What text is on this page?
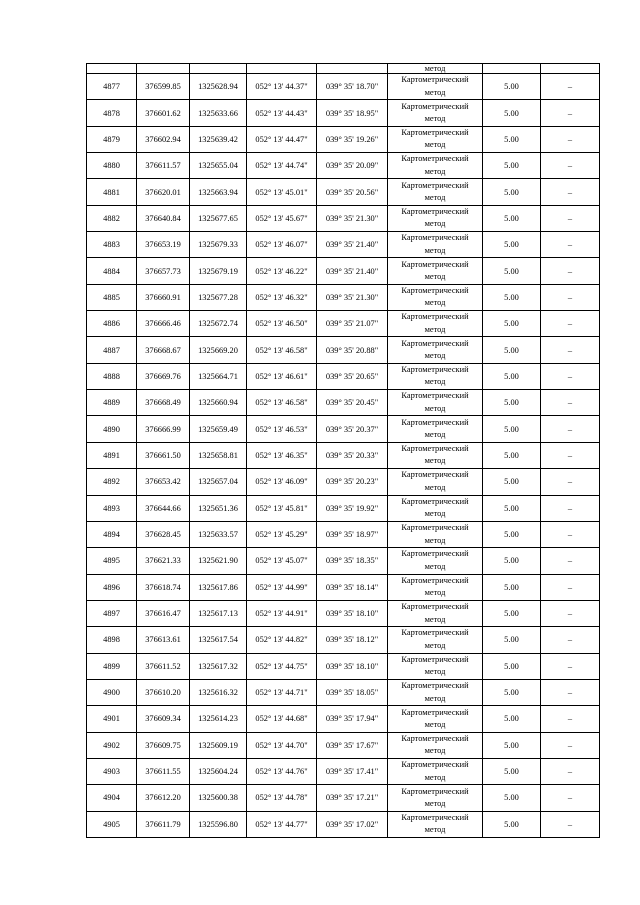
					метод		
4877	376599.85	1325628.94	052° 13' 44.37"	039° 35' 18.70"	Картометрический
метод	5.00	–
4878	376601.62	1325633.66	052° 13' 44.43"	039° 35' 18.95"	Картометрический
метод	5.00	–
4879	376602.94	1325639.42	052° 13' 44.47"	039° 35' 19.26"	Картометрический
метод	5.00	–
4880	376611.57	1325655.04	052° 13' 44.74"	039° 35' 20.09"	Картометрический
метод	5.00	–
4881	376620.01	1325663.94	052° 13' 45.01"	039° 35' 20.56"	Картометрический
метод	5.00	–
4882	376640.84	1325677.65	052° 13' 45.67"	039° 35' 21.30"	Картометрический
метод	5.00	–
4883	376653.19	1325679.33	052° 13' 46.07"	039° 35' 21.40"	Картометрический
метод	5.00	–
4884	376657.73	1325679.19	052° 13' 46.22"	039° 35' 21.40"	Картометрический
метод	5.00	–
4885	376660.91	1325677.28	052° 13' 46.32"	039° 35' 21.30"	Картометрический
метод	5.00	–
4886	376666.46	1325672.74	052° 13' 46.50"	039° 35' 21.07"	Картометрический
метод	5.00	–
4887	376668.67	1325669.20	052° 13' 46.58"	039° 35' 20.88"	Картометрический
метод	5.00	–
4888	376669.76	1325664.71	052° 13' 46.61"	039° 35' 20.65"	Картометрический
метод	5.00	–
4889	376668.49	1325660.94	052° 13' 46.58"	039° 35' 20.45"	Картометрический
метод	5.00	–
4890	376666.99	1325659.49	052° 13' 46.53"	039° 35' 20.37"	Картометрический
метод	5.00	–
4891	376661.50	1325658.81	052° 13' 46.35"	039° 35' 20.33"	Картометрический
метод	5.00	–
4892	376653.42	1325657.04	052° 13' 46.09"	039° 35' 20.23"	Картометрический
метод	5.00	–
4893	376644.66	1325651.36	052° 13' 45.81"	039° 35' 19.92"	Картометрический
метод	5.00	–
4894	376628.45	1325633.57	052° 13' 45.29"	039° 35' 18.97"	Картометрический
метод	5.00	–
4895	376621.33	1325621.90	052° 13' 45.07"	039° 35' 18.35"	Картометрический
метод	5.00	–
4896	376618.74	1325617.86	052° 13' 44.99"	039° 35' 18.14"	Картометрический
метод	5.00	–
4897	376616.47	1325617.13	052° 13' 44.91"	039° 35' 18.10"	Картометрический
метод	5.00	–
4898	376613.61	1325617.54	052° 13' 44.82"	039° 35' 18.12"	Картометрический
метод	5.00	–
4899	376611.52	1325617.32	052° 13' 44.75"	039° 35' 18.10"	Картометрический
метод	5.00	–
4900	376610.20	1325616.32	052° 13' 44.71"	039° 35' 18.05"	Картометрический
метод	5.00	–
4901	376609.34	1325614.23	052° 13' 44.68"	039° 35' 17.94"	Картометрический
метод	5.00	–
4902	376609.75	1325609.19	052° 13' 44.70"	039° 35' 17.67"	Картометрический
метод	5.00	–
4903	376611.55	1325604.24	052° 13' 44.76"	039° 35' 17.41"	Картометрический
метод	5.00	–
4904	376612.20	1325600.38	052° 13' 44.78"	039° 35' 17.21"	Картометрический
метод	5.00	–
4905	376611.79	1325596.80	052° 13' 44.77"	039° 35' 17.02"	Картометрический
метод	5.00	–
